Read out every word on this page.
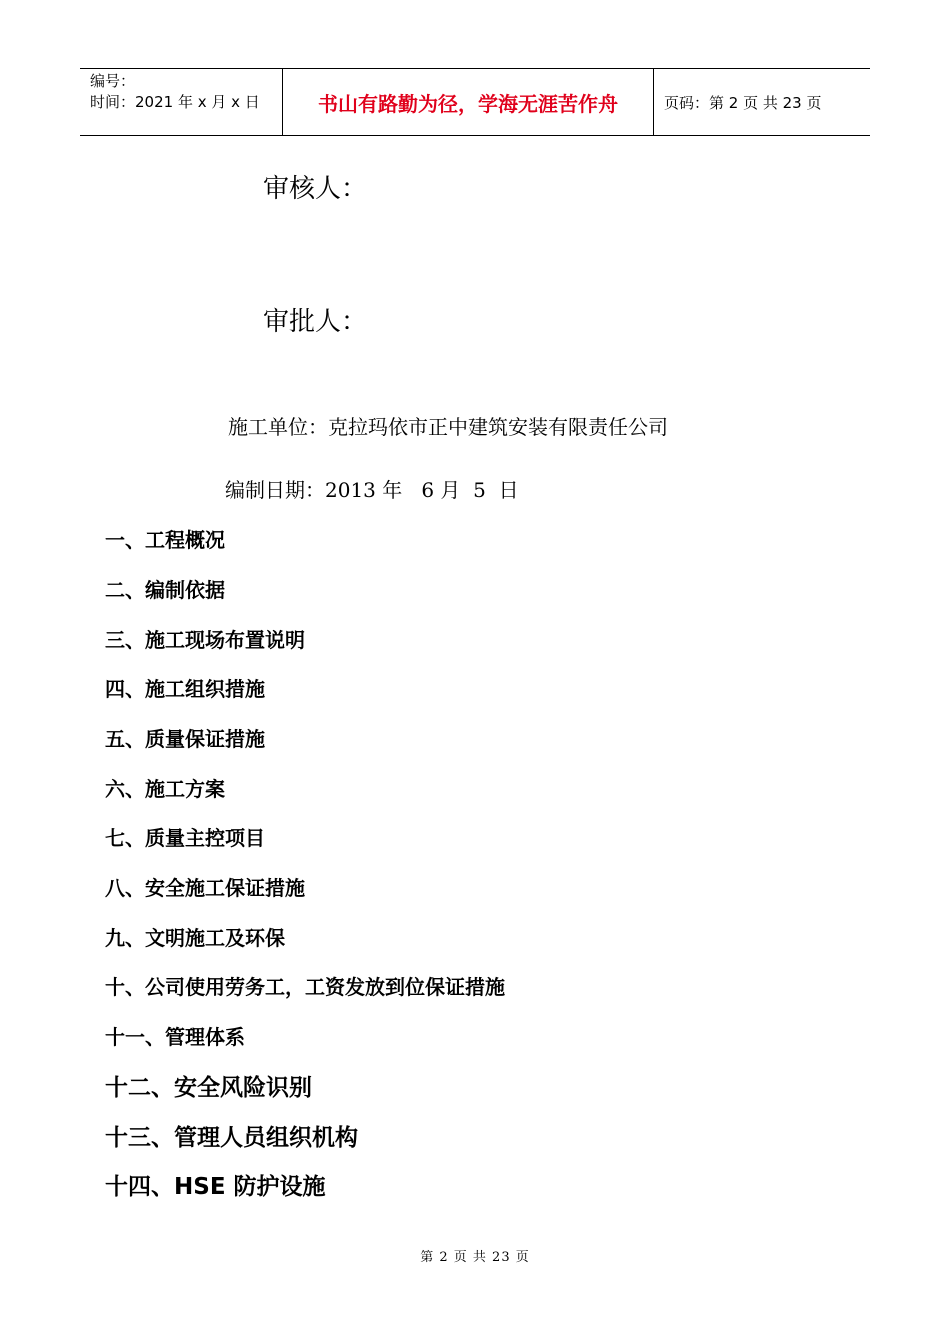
编号：
时间：2021 年 x 月 x 日	书山有路勤为径，学海无涯苦作舟	页码：第 2 页 共 23 页
审核人：
审批人：
施工单位：克拉玛依市正中建筑安装有限责任公司
编制日期：2013 年   6 月  5  日
一、工程概况
二、编制依据
三、施工现场布置说明
四、施工组织措施
五、质量保证措施
六、施工方案
七、质量主控项目
八、安全施工保证措施
九、文明施工及环保
十、公司使用劳务工，工资发放到位保证措施
十一、管理体系
十二、安全风险识别
十三、管理人员组织机构
十四、HSE 防护设施
第 2 页 共 23 页
